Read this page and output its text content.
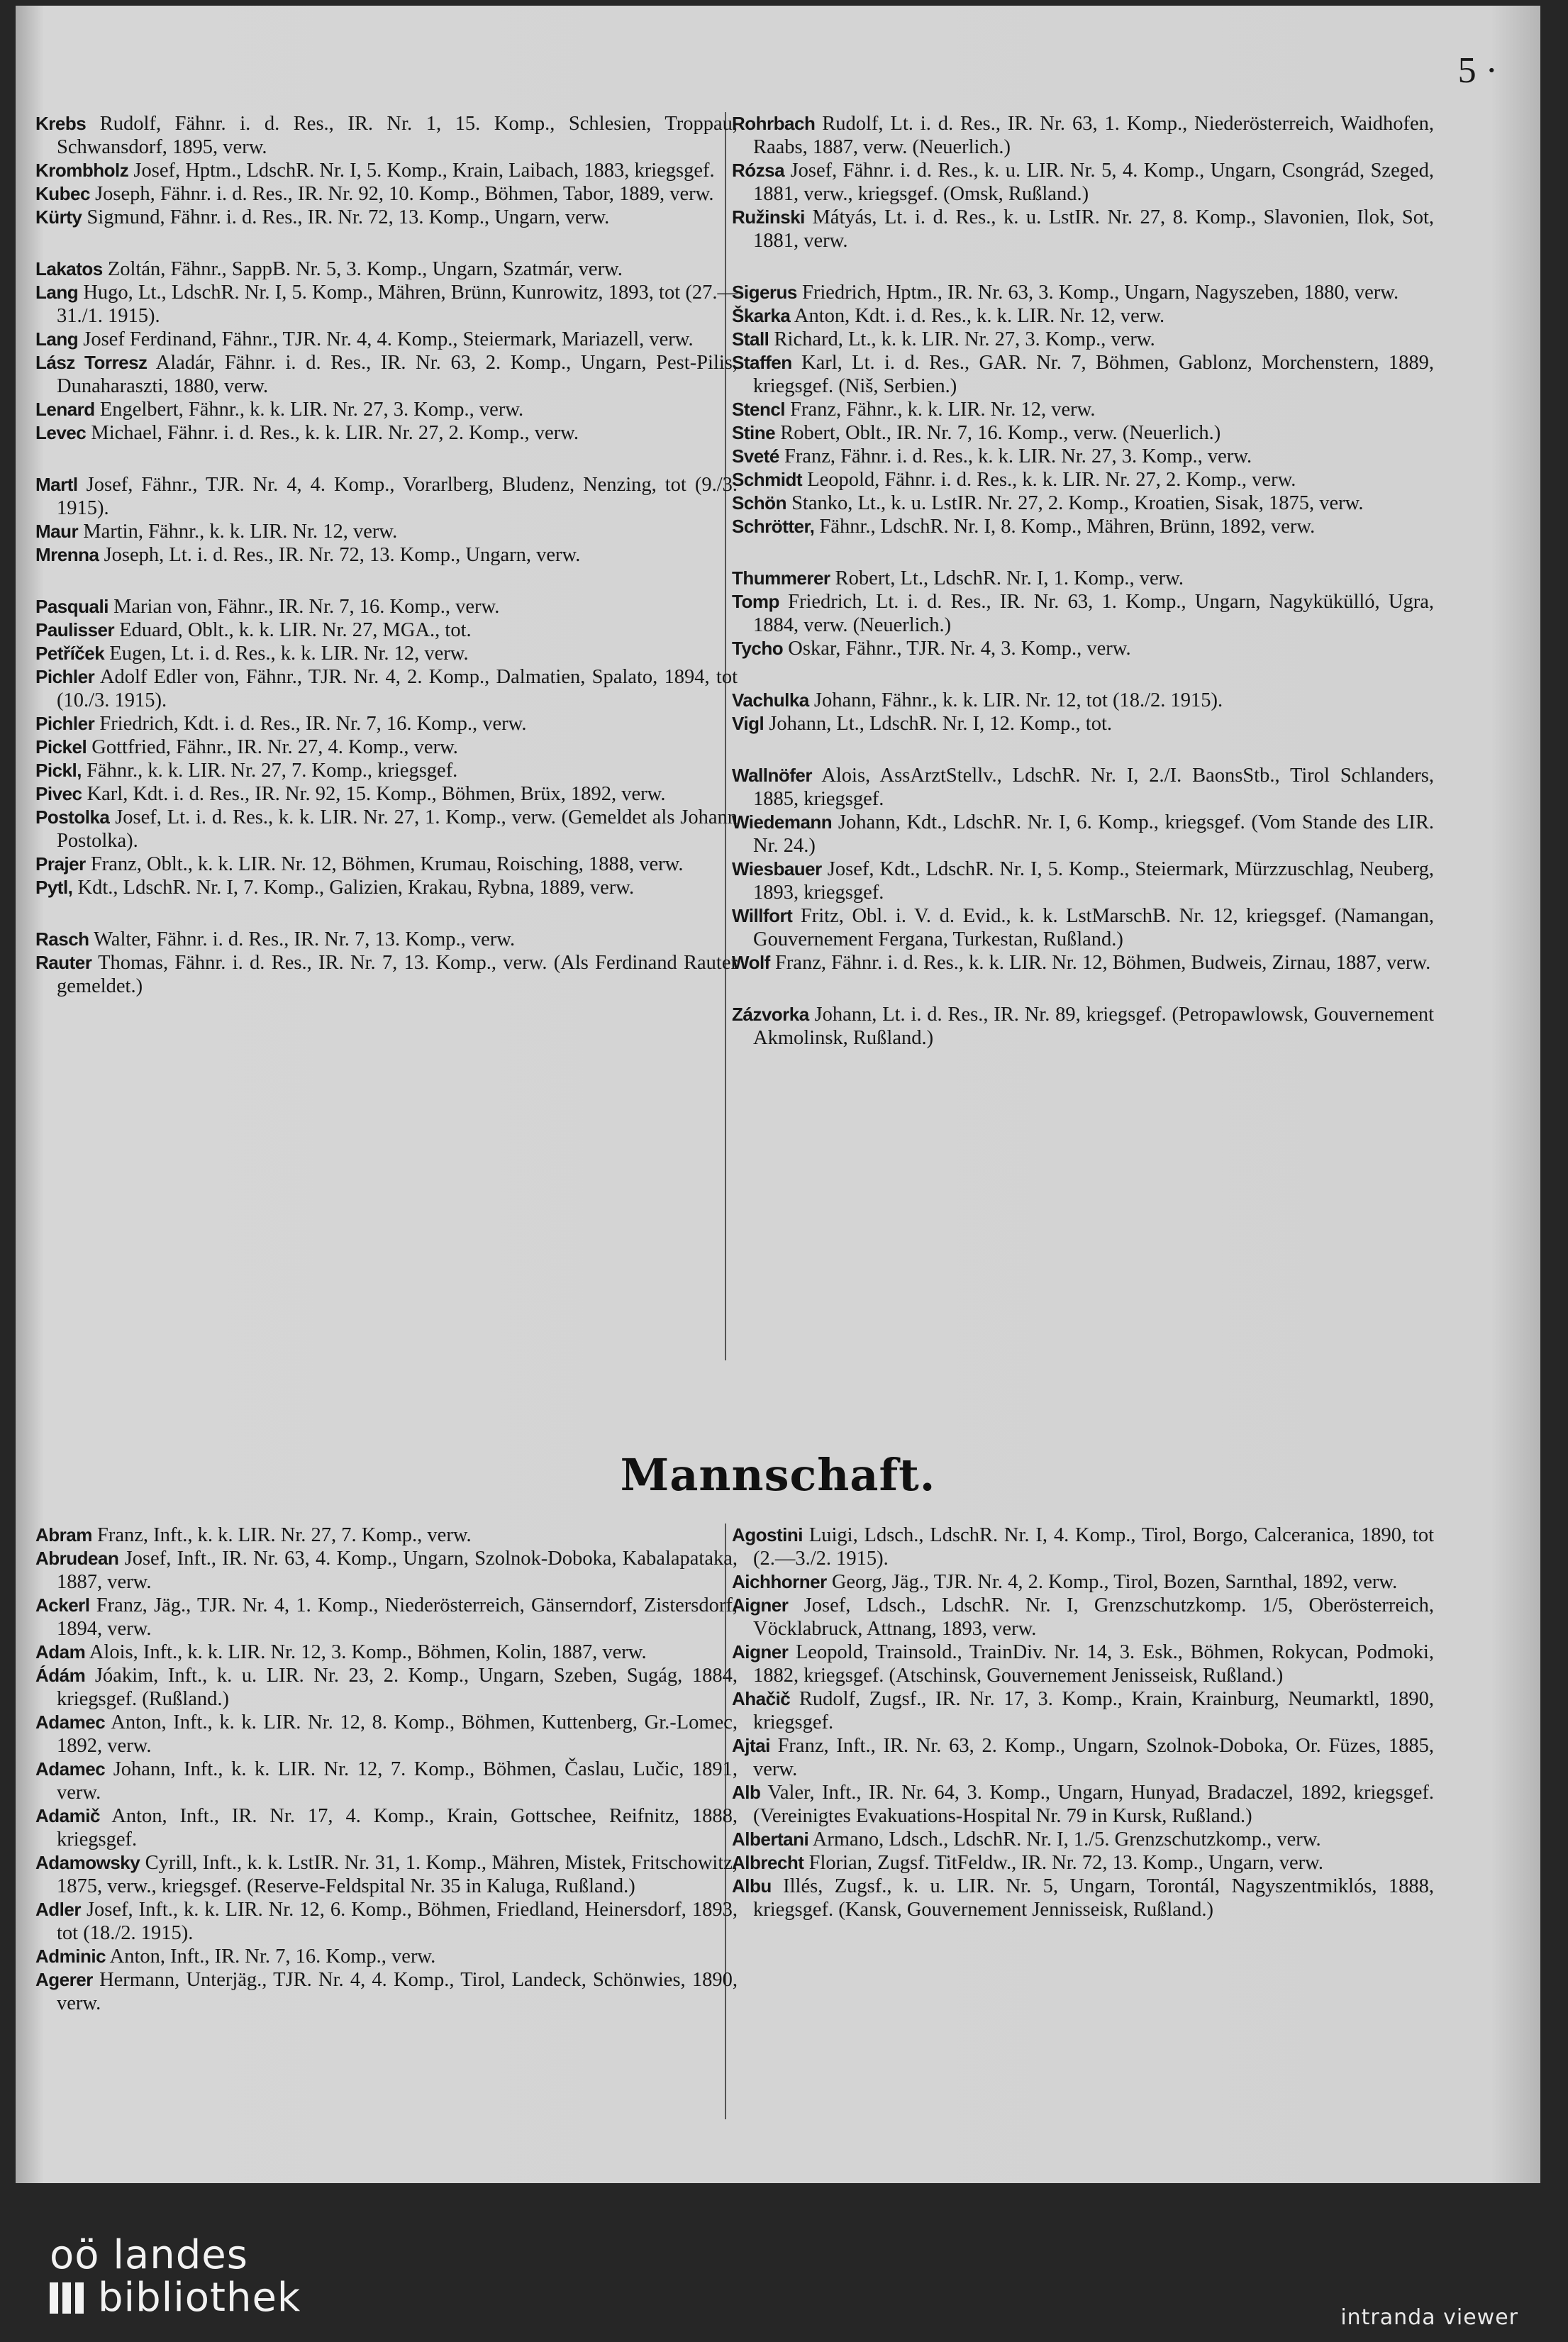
5 ·

Krebs Rudolf, Fähnr. i. d. Res., IR. Nr. 1, 15. Komp., Schlesien, Troppau, Schwansdorf, 1895, verw.

Krombholz Josef, Hptm., LdschR. Nr. I, 5. Komp., Krain, Laibach, 1883, kriegsgef.

Kubec Joseph, Fähnr. i. d. Res., IR. Nr. 92, 10. Komp., Böhmen, Tabor, 1889, verw.

Kürty Sigmund, Fähnr. i. d. Res., IR. Nr. 72, 13. Komp., Ungarn, verw.

Lakatos Zoltán, Fähnr., SappB. Nr. 5, 3. Komp., Ungarn, Szatmár, verw.

Lang Hugo, Lt., LdschR. Nr. I, 5. Komp., Mähren, Brünn, Kunrowitz, 1893, tot (27.—31./1. 1915).

Lang Josef Ferdinand, Fähnr., TJR. Nr. 4, 4. Komp., Steiermark, Mariazell, verw.

Lász Torresz Aladár, Fähnr. i. d. Res., IR. Nr. 63, 2. Komp., Ungarn, Pest-Pilis, Dunaharaszti, 1880, verw.

Lenard Engelbert, Fähnr., k. k. LIR. Nr. 27, 3. Komp., verw.

Levec Michael, Fähnr. i. d. Res., k. k. LIR. Nr. 27, 2. Komp., verw.

Martl Josef, Fähnr., TJR. Nr. 4, 4. Komp., Vorarlberg, Bludenz, Nenzing, tot (9./3. 1915).

Maur Martin, Fähnr., k. k. LIR. Nr. 12, verw.

Mrenna Joseph, Lt. i. d. Res., IR. Nr. 72, 13. Komp., Ungarn, verw.

Pasquali Marian von, Fähnr., IR. Nr. 7, 16. Komp., verw.

Paulisser Eduard, Oblt., k. k. LIR. Nr. 27, MGA., tot.

Petříček Eugen, Lt. i. d. Res., k. k. LIR. Nr. 12, verw.

Pichler Adolf Edler von, Fähnr., TJR. Nr. 4, 2. Komp., Dalmatien, Spalato, 1894, tot (10./3. 1915).

Pichler Friedrich, Kdt. i. d. Res., IR. Nr. 7, 16. Komp., verw.

Pickel Gottfried, Fähnr., IR. Nr. 27, 4. Komp., verw.

Pickl, Fähnr., k. k. LIR. Nr. 27, 7. Komp., kriegsgef.

Pivec Karl, Kdt. i. d. Res., IR. Nr. 92, 15. Komp., Böhmen, Brüx, 1892, verw.

Postolka Josef, Lt. i. d. Res., k. k. LIR. Nr. 27, 1. Komp., verw. (Gemeldet als Johann Postolka).

Prajer Franz, Oblt., k. k. LIR. Nr. 12, Böhmen, Krumau, Roisching, 1888, verw.

Pytl, Kdt., LdschR. Nr. I, 7. Komp., Galizien, Krakau, Rybna, 1889, verw.

Rasch Walter, Fähnr. i. d. Res., IR. Nr. 7, 13. Komp., verw.

Rauter Thomas, Fähnr. i. d. Res., IR. Nr. 7, 13. Komp., verw. (Als Ferdinand Rauter gemeldet.)

Rohrbach Rudolf, Lt. i. d. Res., IR. Nr. 63, 1. Komp., Niederösterreich, Waidhofen, Raabs, 1887, verw. (Neuerlich.)

Rózsa Josef, Fähnr. i. d. Res., k. u. LIR. Nr. 5, 4. Komp., Ungarn, Csongrád, Szeged, 1881, verw., kriegsgef. (Omsk, Rußland.)

Ružinski Mátyás, Lt. i. d. Res., k. u. LstIR. Nr. 27, 8. Komp., Slavonien, Ilok, Sot, 1881, verw.

Sigerus Friedrich, Hptm., IR. Nr. 63, 3. Komp., Ungarn, Nagyszeben, 1880, verw.

Škarka Anton, Kdt. i. d. Res., k. k. LIR. Nr. 12, verw.

Stall Richard, Lt., k. k. LIR. Nr. 27, 3. Komp., verw.

Staffen Karl, Lt. i. d. Res., GAR. Nr. 7, Böhmen, Gablonz, Morchenstern, 1889, kriegsgef. (Niš, Serbien.)

Stencl Franz, Fähnr., k. k. LIR. Nr. 12, verw.

Stine Robert, Oblt., IR. Nr. 7, 16. Komp., verw. (Neuerlich.)

Sveté Franz, Fähnr. i. d. Res., k. k. LIR. Nr. 27, 3. Komp., verw.

Schmidt Leopold, Fähnr. i. d. Res., k. k. LIR. Nr. 27, 2. Komp., verw.

Schön Stanko, Lt., k. u. LstIR. Nr. 27, 2. Komp., Kroatien, Sisak, 1875, verw.

Schrötter, Fähnr., LdschR. Nr. I, 8. Komp., Mähren, Brünn, 1892, verw.

Thummerer Robert, Lt., LdschR. Nr. I, 1. Komp., verw.

Tomp Friedrich, Lt. i. d. Res., IR. Nr. 63, 1. Komp., Ungarn, Nagykükülló, Ugra, 1884, verw. (Neuerlich.)

Tycho Oskar, Fähnr., TJR. Nr. 4, 3. Komp., verw.

Vachulka Johann, Fähnr., k. k. LIR. Nr. 12, tot (18./2. 1915).

Vigl Johann, Lt., LdschR. Nr. I, 12. Komp., tot.

Wallnöfer Alois, AssArztStellv., LdschR. Nr. I, 2./I. BaonsStb., Tirol Schlanders, 1885, kriegsgef.

Wiedemann Johann, Kdt., LdschR. Nr. I, 6. Komp., kriegsgef. (Vom Stande des LIR. Nr. 24.)

Wiesbauer Josef, Kdt., LdschR. Nr. I, 5. Komp., Steiermark, Mürzzuschlag, Neuberg, 1893, kriegsgef.

Willfort Fritz, Obl. i. V. d. Evid., k. k. LstMarschB. Nr. 12, kriegsgef. (Namangan, Gouvernement Fergana, Turkestan, Rußland.)

Wolf Franz, Fähnr. i. d. Res., k. k. LIR. Nr. 12, Böhmen, Budweis, Zirnau, 1887, verw.

Zázvorka Johann, Lt. i. d. Res., IR. Nr. 89, kriegsgef. (Petropawlowsk, Gouvernement Akmolinsk, Rußland.)

Mannschaft.

Abram Franz, Inft., k. k. LIR. Nr. 27, 7. Komp., verw.

Abrudean Josef, Inft., IR. Nr. 63, 4. Komp., Ungarn, Szolnok-Doboka, Kabalapataka, 1887, verw.

Ackerl Franz, Jäg., TJR. Nr. 4, 1. Komp., Niederösterreich, Gänserndorf, Zistersdorf, 1894, verw.

Adam Alois, Inft., k. k. LIR. Nr. 12, 3. Komp., Böhmen, Kolin, 1887, verw.

Ádám Jóakim, Inft., k. u. LIR. Nr. 23, 2. Komp., Ungarn, Szeben, Sugág, 1884, kriegsgef. (Rußland.)

Adamec Anton, Inft., k. k. LIR. Nr. 12, 8. Komp., Böhmen, Kuttenberg, Gr.-Lomec, 1892, verw.

Adamec Johann, Inft., k. k. LIR. Nr. 12, 7. Komp., Böhmen, Časlau, Lučic, 1891, verw.

Adamič Anton, Inft., IR. Nr. 17, 4. Komp., Krain, Gottschee, Reifnitz, 1888, kriegsgef.

Adamowsky Cyrill, Inft., k. k. LstIR. Nr. 31, 1. Komp., Mähren, Mistek, Fritschowitz, 1875, verw., kriegsgef. (Reserve-Feldspital Nr. 35 in Kaluga, Rußland.)

Adler Josef, Inft., k. k. LIR. Nr. 12, 6. Komp., Böhmen, Friedland, Heinersdorf, 1893, tot (18./2. 1915).

Adminic Anton, Inft., IR. Nr. 7, 16. Komp., verw.

Agerer Hermann, Unterjäg., TJR. Nr. 4, 4. Komp., Tirol, Landeck, Schönwies, 1890, verw.

Agostini Luigi, Ldsch., LdschR. Nr. I, 4. Komp., Tirol, Borgo, Calceranica, 1890, tot (2.—3./2. 1915).

Aichhorner Georg, Jäg., TJR. Nr. 4, 2. Komp., Tirol, Bozen, Sarnthal, 1892, verw.

Aigner Josef, Ldsch., LdschR. Nr. I, Grenzschutzkomp. 1/5, Oberösterreich, Vöcklabruck, Attnang, 1893, verw.

Aigner Leopold, Trainsold., TrainDiv. Nr. 14, 3. Esk., Böhmen, Rokycan, Podmoki, 1882, kriegsgef. (Atschinsk, Gouvernement Jenisseisk, Rußland.)

Ahačič Rudolf, Zugsf., IR. Nr. 17, 3. Komp., Krain, Krainburg, Neumarktl, 1890, kriegsgef.

Ajtai Franz, Inft., IR. Nr. 63, 2. Komp., Ungarn, Szolnok-Doboka, Or. Füzes, 1885, verw.

Alb Valer, Inft., IR. Nr. 64, 3. Komp., Ungarn, Hunyad, Bradaczel, 1892, kriegsgef. (Vereinigtes Evakuations-Hospital Nr. 79 in Kursk, Rußland.)

Albertani Armano, Ldsch., LdschR. Nr. I, 1./5. Grenzschutzkomp., verw.

Albrecht Florian, Zugsf. TitFeldw., IR. Nr. 72, 13. Komp., Ungarn, verw.

Albu Illés, Zugsf., k. u. LIR. Nr. 5, Ungarn, Torontál, Nagyszentmiklós, 1888, kriegsgef. (Kansk, Gouvernement Jennisseisk, Rußland.)

oö landes
bibliothek	intranda viewer
